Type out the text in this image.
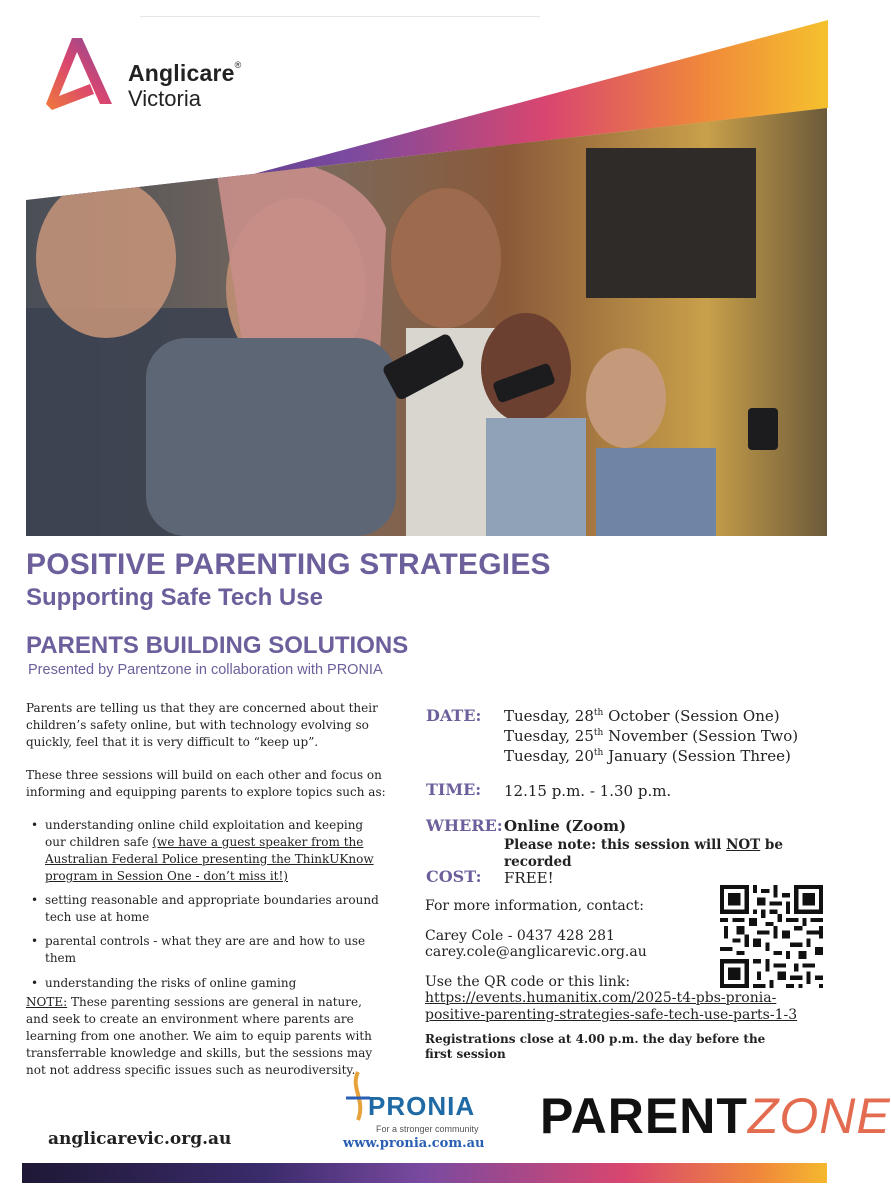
Anglicare®
Victoria
POSITIVE PARENTING STRATEGIES
Supporting Safe Tech Use
PARENTS BUILDING SOLUTIONS
Presented by Parentzone in collaboration with PRONIA

Parents are telling us that they are concerned about their children’s safety online, but with technology evolving so quickly, feel that it is very difficult to “keep up”.

These three sessions will build on each other and focus on informing and equipping parents to explore topics such as:

• understanding online child exploitation and keeping our children safe (we have a guest speaker from the Australian Federal Police presenting the ThinkUKnow program in Session One - don’t miss it!)
• setting reasonable and appropriate boundaries around tech use at home
• parental controls - what they are are and how to use them
• understanding the risks of online gaming

NOTE: These parenting sessions are general in nature, and seek to create an environment where parents are learning from one another. We aim to equip parents with transferrable knowledge and skills, but the sessions may not not address specific issues such as neurodiversity.

DATE: Tuesday, 28th October (Session One)
Tuesday, 25th November (Session Two)
Tuesday, 20th January (Session Three)
TIME: 12.15 p.m. - 1.30 p.m.
WHERE: Online (Zoom)
Please note: this session will NOT be recorded
COST: FREE!
For more information, contact:
Carey Cole - 0437 428 281
carey.cole@anglicarevic.org.au
Use the QR code or this link:
https://events.humanitix.com/2025-t4-pbs-pronia-
positive-parenting-strategies-safe-tech-use-parts-1-3
Registrations close at 4.00 p.m. the day before the first session
anglicarevic.org.au
PRONIA
For a stronger community
www.pronia.com.au PARENTZONE
